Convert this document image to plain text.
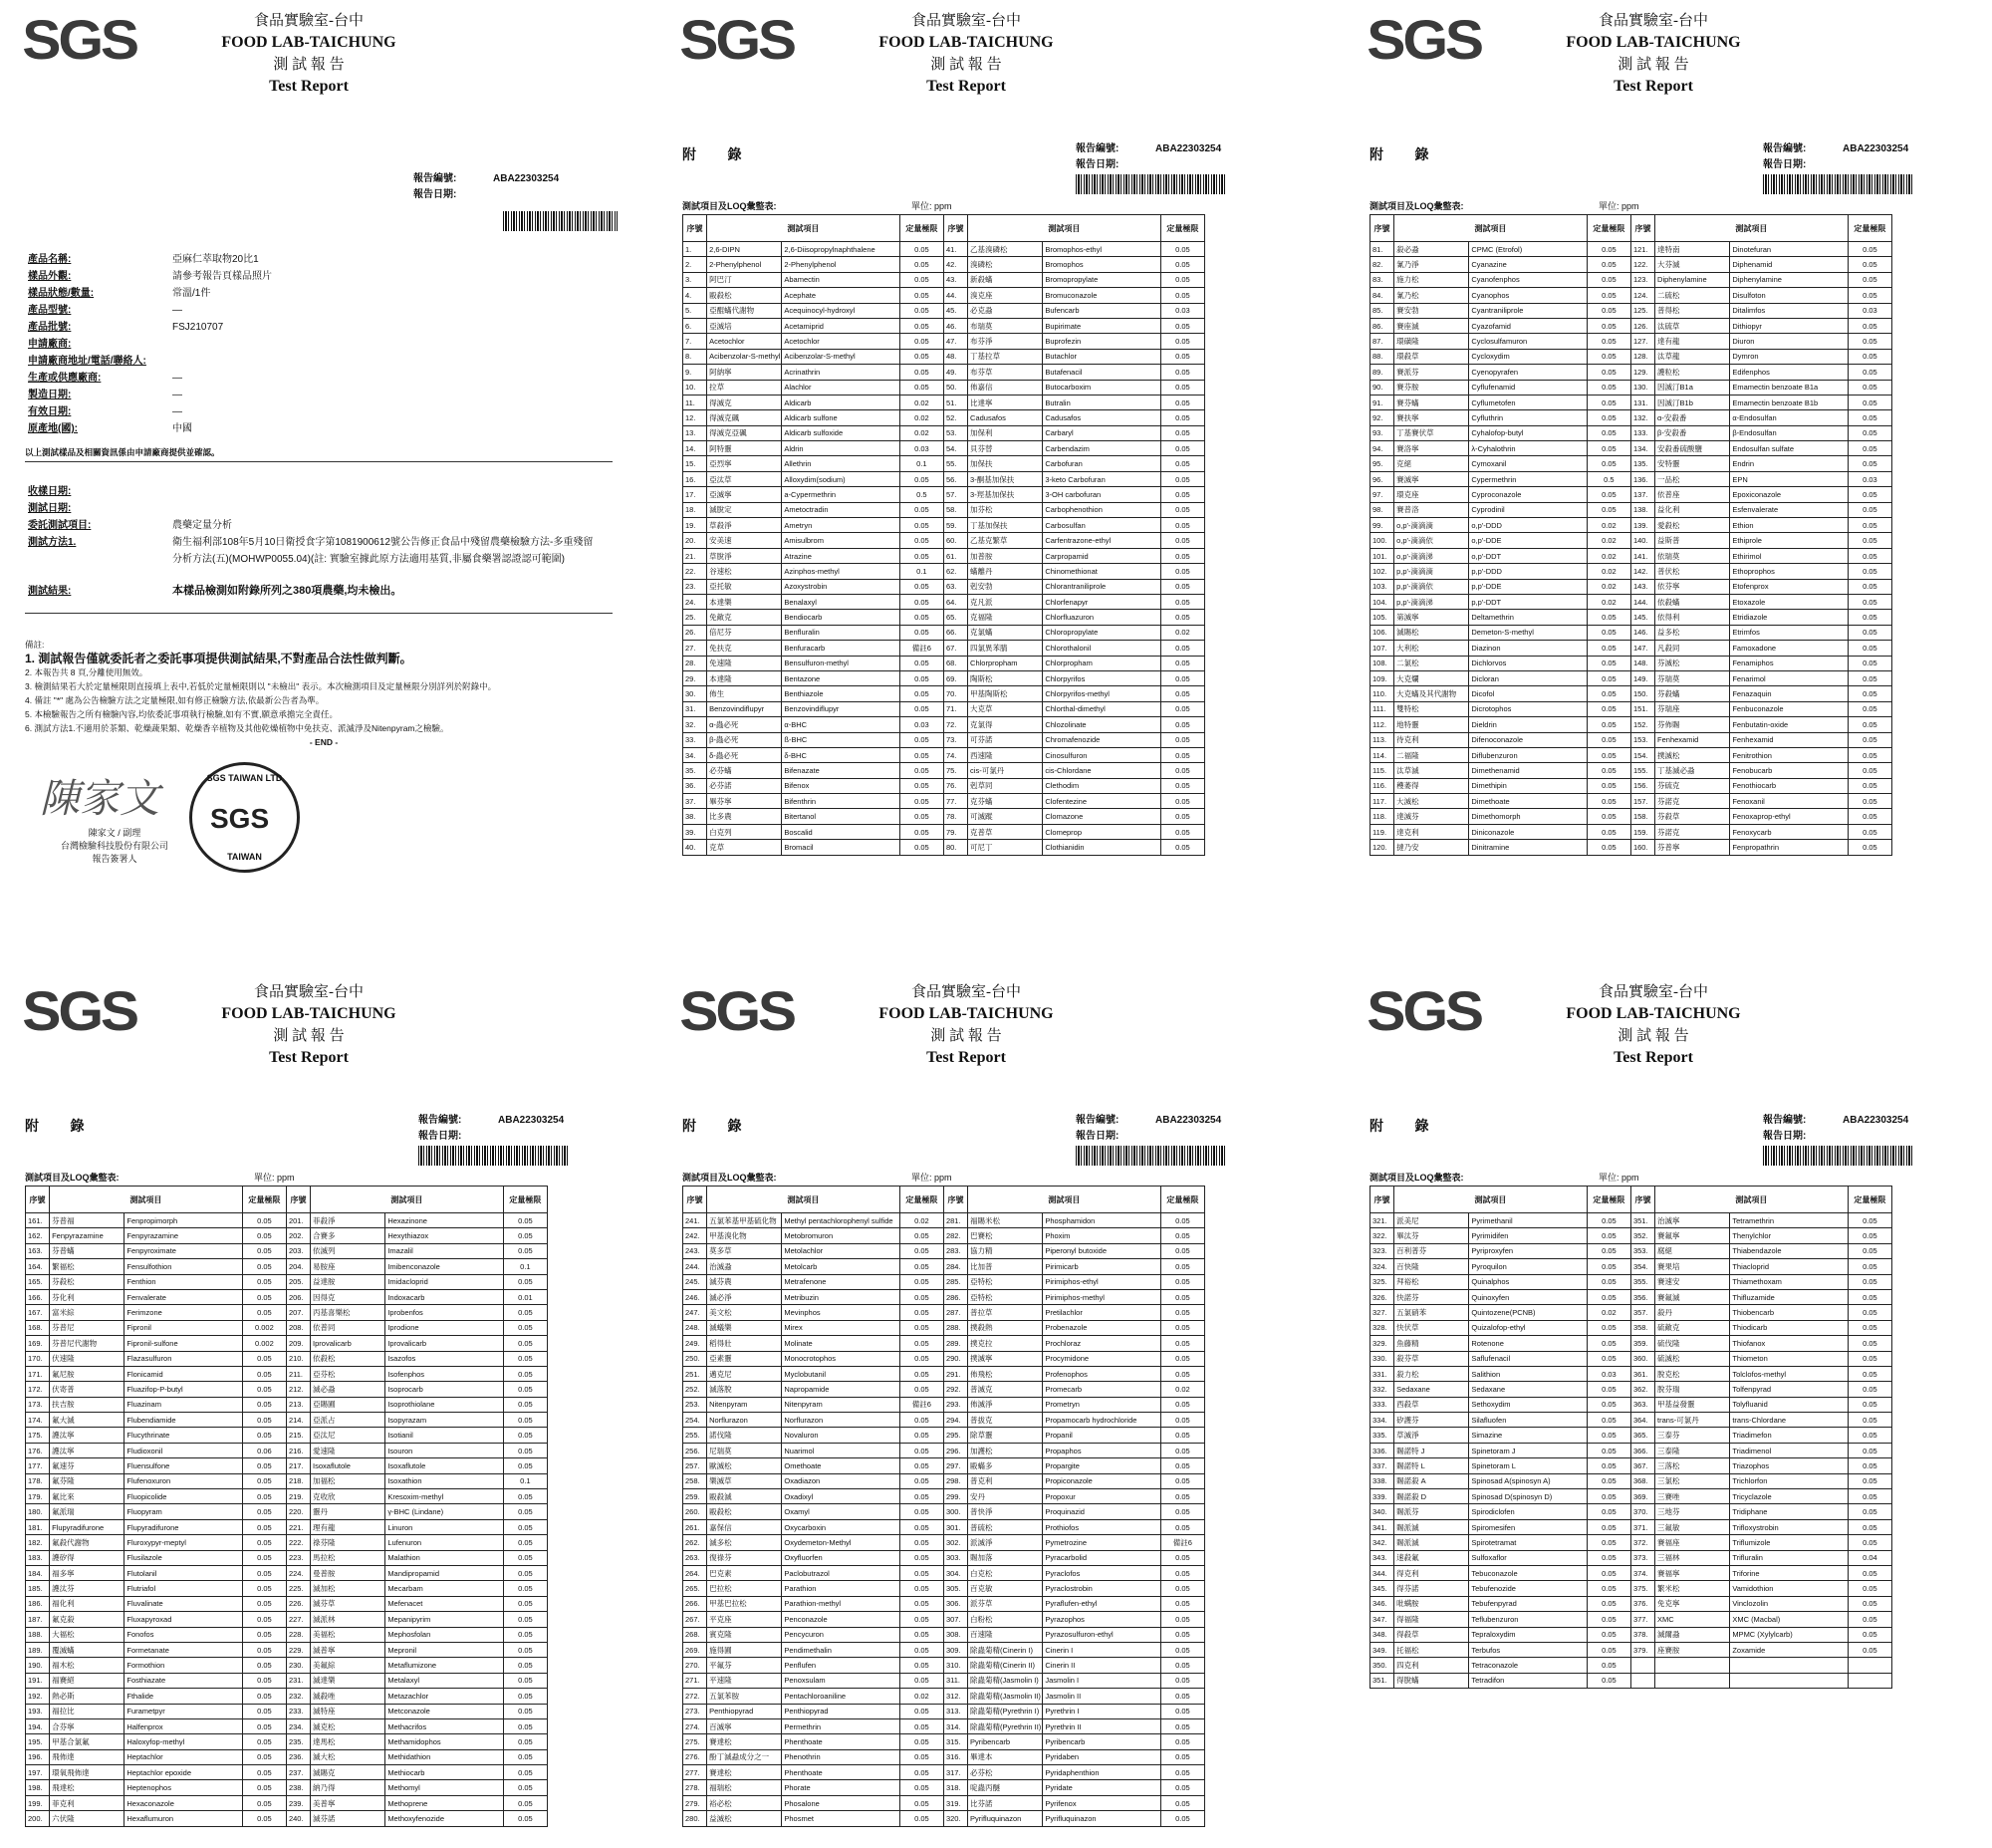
SGS	食品實驗室-台中
FOOD LAB-TAICHUNG
測 試 報 告
Test Report
報告編號:	ABA22303254
報告日期:
產品名稱:	亞麻仁萃取物20比1
樣品外觀:	請參考報告頁樣品照片
樣品狀態/數量:	常溫/1件
產品型號:	—
產品批號:	FSJ210707
申請廠商:
申請廠商地址/電話/聯絡人:
生產或供應廠商:	—
製造日期:	—
有效日期:	—
原產地(國):	中國
以上測試樣品及相關資訊係由申請廠商提供並確認。
收樣日期:
測試日期:
委託測試項目:	農藥定量分析
測試方法1.	衛生福利部108年5月10日衛授食字第1081900612號公告修正食品中殘留農藥檢驗方法-多重殘留
分析方法(五)(MOHWP0055.04)(註: 實驗室據此原方法適用基質,非屬食藥署認證認可範圍)
測試結果:	本樣品檢測如附錄所列之380項農藥,均未檢出。
備註:
1. 測試報告僅就委託者之委託事項提供測試結果,不對產品合法性做判斷。
2. 本報告共 8 頁,分離使用無效。
3. 檢測結果若大於定量極限則直接填上表中,若低於定量極限則以 "未檢出" 表示。本次檢測項目及定量極限分別詳列於附錄中。
4. 備註 "*" 處為公告檢驗方法之定量極限,如有修正檢驗方法,依最新公告者為準。
5. 本檢驗報告之所有檢驗內容,均依委託事項執行檢驗,如有不實,願意承擔完全責任。
6. 測試方法1.不適用於茶類、乾燥蔬果類、乾燥香辛植物及其他乾燥植物中免扶克、派滅淨及Nitenpyram之檢驗。
- END -
陳家文
陳家文 / 副理
台灣檢驗科技股份有限公司
報告簽署人
SGS TAIWAN LTD
SGS
TAIWAN
SGS	食品實驗室-台中
FOOD LAB-TAICHUNG
測 試 報 告
Test Report
附 錄	報告編號:	ABA22303254
報告日期:
測試項目及LOQ彙整表:	單位: ppm
序號	測試項目		定量極限	序號	測試項目		定量極限
1.	2,6-DIPN	2,6-Diisopropylnaphthalene	0.05	41.	乙基溴磷松	Bromophos-ethyl	0.05
2.	2-Phenylphenol	2-Phenylphenol	0.05	42.	溴磷松	Bromophos	0.05
3.	阿巴汀	Abamectin	0.05	43.	新殺蟎	Bromopropylate	0.05
4.	毆殺松	Acephate	0.05	44.	溴克座	Bromuconazole	0.05
5.	亞醌蟎代謝物	Acequinocyl-hydroxyl	0.05	45.	必克蝨	Bufencarb	0.03
6.	亞滅培	Acetamiprid	0.05	46.	布瑞莫	Bupirimate	0.05
7.	Acetochlor	Acetochlor	0.05	47.	布芬淨	Buprofezin	0.05
8.	Acibenzolar-S-methyl	Acibenzolar-S-methyl	0.05	48.	丁基拉草	Butachlor	0.05
9.	阿納寧	Acrinathrin	0.05	49.	布芬草	Butafenacil	0.05
10.	拉草	Alachlor	0.05	50.	佈嘉信	Butocarboxim	0.05
11.	得滅克	Aldicarb	0.02	51.	比達寧	Butralin	0.05
12.	得滅克碸	Aldicarb sulfone	0.02	52.	Cadusafos	Cadusafos	0.05
13.	得滅克亞碸	Aldicarb sulfoxide	0.02	53.	加保利	Carbaryl	0.05
14.	阿特靈	Aldrin	0.03	54.	貝芬替	Carbendazim	0.05
15.	亞烈寧	Allethrin	0.1	55.	加保扶	Carbofuran	0.05
16.	亞汰草	Alloxydim(sodium)	0.05	56.	3-酮基加保扶	3-keto Carbofuran	0.05
17.	亞滅寧	a-Cypermethrin	0.5	57.	3-羥基加保扶	3-OH carbofuran	0.05
18.	滅脫定	Ametoctradin	0.05	58.	加芬松	Carbophenothion	0.05
19.	草殺淨	Ametryn	0.05	59.	丁基加保扶	Carbosulfan	0.05
20.	安美速	Amisulbrom	0.05	60.	乙基克繁草	Carfentrazone-ethyl	0.05
21.	草脫淨	Atrazine	0.05	61.	加普胺	Carpropamid	0.05
22.	谷速松	Azinphos-methyl	0.1	62.	蟎離丹	Chinomethionat	0.05
23.	亞托敏	Azoxystrobin	0.05	63.	剋安勃	Chlorantraniliprole	0.05
24.	本達樂	Benalaxyl	0.05	64.	克凡派	Chlorfenapyr	0.05
25.	免敵克	Bendiocarb	0.05	65.	克福隆	Chlorfluazuron	0.05
26.	倍尼芬	Benfluralin	0.05	66.	克氯蟎	Chloropropylate	0.02
27.	免扶克	Benfuracarb	備註6	67.	四氯異苯腈	Chlorothalonil	0.05
28.	免速隆	Bensulfuron-methyl	0.05	68.	Chlorpropham	Chlorpropham	0.05
29.	本達隆	Bentazone	0.05	69.	陶斯松	Chlorpyrifos	0.05
30.	佈生	Benthiazole	0.05	70.	甲基陶斯松	Chlorpyrifos-methyl	0.05
31.	Benzovindiflupyr	Benzovindiflupyr	0.05	71.	大克草	Chlorthal-dimethyl	0.05
32.	α-蟲必死	α-BHC	0.03	72.	克氯得	Chlozolinate	0.05
33.	β-蟲必死	ß-BHC	0.05	73.	可芬諾	Chromafenozide	0.05
34.	δ-蟲必死	δ-BHC	0.05	74.	西速隆	Cinosulfuron	0.05
35.	必芬蟎	Bifenazate	0.05	75.	cis-可氯丹	cis-Chlordane	0.05
36.	必芬諾	Bifenox	0.05	76.	剋草同	Clethodim	0.05
37.	畢芬寧	Bifenthrin	0.05	77.	克芬蟎	Clofentezine	0.05
38.	比多農	Bitertanol	0.05	78.	可滅蹤	Clomazone	0.05
39.	白克列	Boscalid	0.05	79.	克普草	Clomeprop	0.05
40.	克草	Bromacil	0.05	80.	可尼丁	Clothianidin	0.05
SGS	食品實驗室-台中
FOOD LAB-TAICHUNG
測 試 報 告
Test Report
附 錄	報告編號:	ABA22303254
報告日期:
測試項目及LOQ彙整表:	單位: ppm
序號	測試項目		定量極限	序號	測試項目		定量極限
81.	殺必蝨	CPMC (Etrofol)	0.05	121.	達特南	Dinotefuran	0.05
82.	氰乃淨	Cyanazine	0.05	122.	大芬滅	Diphenamid	0.05
83.	施力松	Cyanofenphos	0.05	123.	Diphenylamine	Diphenylamine	0.05
84.	氰乃松	Cyanophos	0.05	124.	二硫松	Disulfoton	0.05
85.	賽安勃	Cyantraniliprole	0.05	125.	普得松	Ditalimfos	0.03
86.	賽座滅	Cyazofamid	0.05	126.	汰硫草	Dithiopyr	0.05
87.	環磺隆	Cyclosulfamuron	0.05	127.	達有龍	Diuron	0.05
88.	環殺草	Cycloxydim	0.05	128.	汰草龍	Dymron	0.05
89.	賽派芬	Cyenopyrafen	0.05	129.	護粒松	Edifenphos	0.05
90.	賽芬胺	Cyflufenamid	0.05	130.	因滅汀B1a	Emamectin benzoate B1a	0.05
91.	賽芬蟎	Cyflumetofen	0.05	131.	因滅汀B1b	Emamectin benzoate B1b	0.05
92.	賽扶寧	Cyfluthrin	0.05	132.	α-安殺番	α-Endosulfan	0.05
93.	丁基賽伏草	Cyhalofop-butyl	0.05	133.	β-安殺番	β-Endosulfan	0.05
94.	賽洛寧	λ-Cyhalothrin	0.05	134.	安殺番硫酸鹽	Endosulfan sulfate	0.05
95.	克絕	Cymoxanil	0.05	135.	安特靈	Endrin	0.05
96.	賽滅寧	Cypermethrin	0.5	136.	一品松	EPN	0.03
97.	環克座	Cyproconazole	0.05	137.	依普座	Epoxiconazole	0.05
98.	賽普洛	Cyprodinil	0.05	138.	益化利	Esfenvalerate	0.05
99.	o,p'-滴滴滴	o,p'-DDD	0.02	139.	愛殺松	Ethion	0.05
100.	o,p'-滴滴依	o,p'-DDE	0.02	140.	益斯普	Ethiprole	0.05
101.	o,p'-滴滴涕	o,p'-DDT	0.02	141.	依瑞莫	Ethirimol	0.05
102.	p,p'-滴滴滴	p,p'-DDD	0.02	142.	普伏松	Ethoprophos	0.05
103.	p,p'-滴滴依	p,p'-DDE	0.02	143.	依芬寧	Etofenprox	0.05
104.	p,p'-滴滴涕	p,p'-DDT	0.02	144.	依殺蟎	Etoxazole	0.05
105.	第滅寧	Deltamethrin	0.05	145.	依得利	Etridiazole	0.05
106.	滅賜松	Demeton-S-methyl	0.05	146.	益多松	Etrimfos	0.05
107.	大利松	Diazinon	0.05	147.	凡殺同	Famoxadone	0.05
108.	二氯松	Dichlorvos	0.05	148.	芬滅松	Fenamiphos	0.05
109.	大克爛	Dicloran	0.05	149.	芬瑞莫	Fenarimol	0.05
110.	大克蟎及其代謝物	Dicofol	0.05	150.	芬殺蟎	Fenazaquin	0.05
111.	雙特松	Dicrotophos	0.05	151.	芬瑞座	Fenbuconazole	0.05
112.	地特靈	Dieldrin	0.05	152.	芬佈賜	Fenbutatin-oxide	0.05
113.	待克利	Difenoconazole	0.05	153.	Fenhexamid	Fenhexamid	0.05
114.	二福隆	Diflubenzuron	0.05	154.	撲滅松	Fenitrothion	0.05
115.	汰草滅	Dimethenamid	0.05	155.	丁基滅必蝨	Fenobucarb	0.05
116.	穫萎得	Dimethipin	0.05	156.	芬硫克	Fenothiocarb	0.05
117.	大滅松	Dimethoate	0.05	157.	芬諾克	Fenoxanil	0.05
118.	達滅芬	Dimethomorph	0.05	158.	芬殺草	Fenoxaprop-ethyl	0.05
119.	達克利	Diniconazole	0.05	159.	芬諾克	Fenoxycarb	0.05
120.	撻乃安	Dinitramine	0.05	160.	芬普寧	Fenpropathrin	0.05
SGS	食品實驗室-台中
FOOD LAB-TAICHUNG
測 試 報 告
Test Report
附 錄	報告編號:	ABA22303254
報告日期:
測試項目及LOQ彙整表:	單位: ppm
序號	測試項目		定量極限	序號	測試項目		定量極限
161.	芬普福	Fenpropimorph	0.05	201.	菲殺淨	Hexazinone	0.05
162.	Fenpyrazamine	Fenpyrazamine	0.05	202.	合賽多	Hexythiazox	0.05
163.	芬普蟎	Fenpyroximate	0.05	203.	依滅列	Imazalil	0.05
164.	繁福松	Fensulfothion	0.05	204.	易胺座	Imibenconazole	0.1
165.	芬殺松	Fenthion	0.05	205.	益達胺	Imidacloprid	0.05
166.	芬化利	Fenvalerate	0.05	206.	因得克	Indoxacarb	0.01
167.	富米綜	Ferimzone	0.05	207.	丙基喜樂松	Iprobenfos	0.05
168.	芬普尼	Fipronil	0.002	208.	依普同	Iprodione	0.05
169.	芬普尼代謝物	Fipronil-sulfone	0.002	209.	Iprovalicarb	Iprovalicarb	0.05
170.	伏速隆	Flazasulfuron	0.05	210.	依殺松	Isazofos	0.05
171.	氟尼胺	Flonicamid	0.05	211.	亞芬松	Isofenphos	0.05
172.	伏寄普	Fluazifop-P-butyl	0.05	212.	滅必蝨	Isoprocarb	0.05
173.	扶吉胺	Fluazinam	0.05	213.	亞賜圃	Isoprothiolane	0.05
174.	氟大滅	Flubendiamide	0.05	214.	亞派占	Isopyrazam	0.05
175.	護汰寧	Flucythrinate	0.05	215.	亞汰尼	Isotianil	0.05
176.	護汰寧	Fludioxonil	0.06	216.	愛速隆	Isouron	0.05
177.	氟速芬	Fluensulfone	0.05	217.	Isoxaflutole	Isoxaflutole	0.05
178.	氟芬隆	Flufenoxuron	0.05	218.	加福松	Isoxathion	0.1
179.	氟比來	Fluopicolide	0.05	219.	克收欣	Kresoxim-methyl	0.05
180.	氟派瑞	Fluopyram	0.05	220.	靈丹	γ-BHC (Lindane)	0.05
181.	Flupyradifurone	Flupyradifurone	0.05	221.	理有龍	Linuron	0.05
182.	氟殺代謝物	Fluroxypyr-meptyl	0.05	222.	祿芬隆	Lufenuron	0.05
183.	護矽得	Flusilazole	0.05	223.	馬拉松	Malathion	0.05
184.	福多寧	Flutolanil	0.05	224.	曼普胺	Mandipropamid	0.05
185.	護汰芬	Flutriafol	0.05	225.	滅加松	Mecarbam	0.05
186.	福化利	Fluvalinate	0.05	226.	滅芬草	Mefenacet	0.05
187.	氟克殺	Fluxapyroxad	0.05	227.	滅派林	Mepanipyrim	0.05
188.	大福松	Fonofos	0.05	228.	美福松	Mephosfolan	0.05
189.	覆滅蟎	Formetanate	0.05	229.	滅普寧	Mepronil	0.05
190.	福木松	Formothion	0.05	230.	美氟綜	Metaflumizone	0.05
191.	福賽絕	Fosthiazate	0.05	231.	滅達樂	Metalaxyl	0.05
192.	熱必斯	Fthalide	0.05	232.	滅殺唑	Metazachlor	0.05
193.	福拉比	Furametpyr	0.05	233.	滅特座	Metconazole	0.05
194.	合芬寧	Halfenprox	0.05	234.	滅克松	Methacrifos	0.05
195.	甲基合氯氟	Haloxyfop-methyl	0.05	235.	達馬松	Methamidophos	0.05
196.	飛佈達	Heptachlor	0.05	236.	滅大松	Methidathion	0.05
197.	環氧飛佈達	Heptachlor epoxide	0.05	237.	滅賜克	Methiocarb	0.05
198.	飛達松	Heptenophos	0.05	238.	納乃得	Methomyl	0.05
199.	菲克利	Hexaconazole	0.05	239.	美普寧	Methoprene	0.05
200.	六伏隆	Hexaflumuron	0.05	240.	滅芬諾	Methoxyfenozide	0.05
SGS	食品實驗室-台中
FOOD LAB-TAICHUNG
測 試 報 告
Test Report
附 錄	報告編號:	ABA22303254
報告日期:
測試項目及LOQ彙整表:	單位: ppm
序號	測試項目		定量極限	序號	測試項目		定量極限
241.	五氯苯基甲基硫化物	Methyl pentachlorophenyl sulfide	0.02	281.	福賜米松	Phosphamidon	0.05
242.	甲基溴化物	Metobromuron	0.05	282.	巴賽松	Phoxim	0.05
243.	莫多草	Metolachlor	0.05	283.	協力精	Piperonyl butoxide	0.05
244.	治滅蝨	Metolcarb	0.05	284.	比加普	Pirimicarb	0.05
245.	滅芬農	Metrafenone	0.05	285.	亞特松	Pirimiphos-ethyl	0.05
246.	滅必淨	Metribuzin	0.05	286.	亞特松	Pirimiphos-methyl	0.05
247.	美文松	Mevinphos	0.05	287.	普拉草	Pretilachlor	0.05
248.	滅蟻樂	Mirex	0.05	288.	撲殺熱	Probenazole	0.05
249.	稻得壯	Molinate	0.05	289.	撲克拉	Prochloraz	0.05
250.	亞素靈	Monocrotophos	0.05	290.	撲滅寧	Procymidone	0.05
251.	邁克尼	Myclobutanil	0.05	291.	佈飛松	Profenophos	0.05
252.	滅落脫	Napropamide	0.05	292.	普滅克	Promecarb	0.02
253.	Nitenpyram	Nitenpyram	備註6	293.	佈滅淨	Prometryn	0.05
254.	Norflurazon	Norflurazon	0.05	294.	普拔克	Propamocarb hydrochloride	0.05
255.	諾伐隆	Novaluron	0.05	295.	除草靈	Propanil	0.05
256.	尼瑞莫	Nuarimol	0.05	296.	加護松	Propaphos	0.05
257.	歐滅松	Omethoate	0.05	297.	毆蟎多	Propargite	0.05
258.	樂滅草	Oxadiazon	0.05	298.	普克利	Propiconazole	0.05
259.	毆殺滅	Oxadixyl	0.05	299.	安丹	Propoxur	0.05
260.	毆殺松	Oxamyl	0.05	300.	普快淨	Proquinazid	0.05
261.	嘉保信	Oxycarboxin	0.05	301.	普硫松	Prothiofos	0.05
262.	滅多松	Oxydemeton-Methyl	0.05	302.	派滅淨	Pymetrozine	備註6
263.	復祿芬	Oxyfluorfen	0.05	303.	賜加落	Pyracarbolid	0.05
264.	巴克素	Paclobutrazol	0.05	304.	白克松	Pyraclofos	0.05
265.	巴拉松	Parathion	0.05	305.	百克敏	Pyraclostrobin	0.05
266.	甲基巴拉松	Parathion-methyl	0.05	306.	派芬草	Pyraflufen-ethyl	0.05
267.	平克座	Penconazole	0.05	307.	白粉松	Pyrazophos	0.05
268.	賓克隆	Pencycuron	0.05	308.	百速隆	Pyrazosulfuron-ethyl	0.05
269.	施得圃	Pendimethalin	0.05	309.	除蟲菊精(Cinerin I)	Cinerin I	0.05
270.	平氟芬	Penflufen	0.05	310.	除蟲菊精(Cinerin II)	Cinerin II	0.05
271.	平速隆	Penoxsulam	0.05	311.	除蟲菊精(Jasmolin I)	Jasmolin I	0.05
272.	五氯苯胺	Pentachloroaniline	0.02	312.	除蟲菊精(Jasmolin II)	Jasmolin II	0.05
273.	Penthiopyrad	Penthiopyrad	0.05	313.	除蟲菊精(Pyrethrin I)	Pyrethrin I	0.05
274.	百滅寧	Permethrin	0.05	314.	除蟲菊精(Pyrethrin II)	Pyrethrin II	0.05
275.	賽達松	Phenthoate	0.05	315.	Pyribencarb	Pyribencarb	0.05
276.	酚丁滅蝨成分之一	Phenothrin	0.05	316.	畢達本	Pyridaben	0.05
277.	賽達松	Phenthoate	0.05	317.	必芬松	Pyridaphenthion	0.05
278.	福瑞松	Phorate	0.05	318.	啶蟲丙醚	Pyridate	0.05
279.	裕必松	Phosalone	0.05	319.	比芬諾	Pyrifenox	0.05
280.	益滅松	Phosmet	0.05	320.	Pyrifluquinazon	Pyrifluquinazon	0.05
SGS	食品實驗室-台中
FOOD LAB-TAICHUNG
測 試 報 告
Test Report
附 錄	報告編號:	ABA22303254
報告日期:
測試項目及LOQ彙整表:	單位: ppm
序號	測試項目		定量極限	序號	測試項目		定量極限
321.	派美尼	Pyrimethanil	0.05	351.	治滅寧	Tetramethrin	0.05
322.	畢汰芬	Pyrimidifen	0.05	352.	賽氟寧	Thenylchlor	0.05
323.	百利普芬	Pyriproxyfen	0.05	353.	腐絕	Thiabendazole	0.05
324.	百快隆	Pyroquilon	0.05	354.	賽果培	Thiacloprid	0.05
325.	拜裕松	Quinalphos	0.05	355.	賽速安	Thiamethoxam	0.05
326.	快諾芬	Quinoxyfen	0.05	356.	賽氟滅	Thifluzamide	0.05
327.	五氯硝苯	Quintozene(PCNB)	0.02	357.	殺丹	Thiobencarb	0.05
328.	快伏草	Quizalofop-ethyl	0.05	358.	硫敵克	Thiodicarb	0.05
329.	魚藤精	Rotenone	0.05	359.	硫伐隆	Thiofanox	0.05
330.	殺芬草	Saflufenacil	0.05	360.	硫滅松	Thiometon	0.05
331.	殺力松	Salithion	0.03	361.	脫克松	Tolclofos-methyl	0.05
332.	Sedaxane	Sedaxane	0.05	362.	脫芬瑞	Tolfenpyrad	0.05
333.	西殺草	Sethoxydim	0.05	363.	甲基益發靈	Tolyfluanid	0.05
334.	矽護芬	Silafluofen	0.05	364.	trans-可氯丹	trans-Chlordane	0.05
335.	草滅淨	Simazine	0.05	365.	三泰芬	Triadimefon	0.05
336.	賜諾特 J	Spinetoram J	0.05	366.	三泰隆	Triadimenol	0.05
337.	賜諾特 L	Spinetoram L	0.05	367.	三落松	Triazophos	0.05
338.	賜諾殺 A	Spinosad A(spinosyn A)	0.05	368.	三氯松	Trichlorfon	0.05
339.	賜諾殺 D	Spinosad D(spinosyn D)	0.05	369.	三賽唑	Tricyclazole	0.05
340.	賜派芬	Spirodiclofen	0.05	370.	三地芬	Tridiphane	0.05
341.	賜派滅	Spiromesifen	0.05	371.	三氟敏	Trifloxystrobin	0.05
342.	賜派滅	Spirotetramat	0.05	372.	賽福座	Triflumizole	0.05
343.	速殺氟	Sulfoxaflor	0.05	373.	三福林	Trifluralin	0.04
344.	得克利	Tebuconazole	0.05	374.	賽福寧	Triforine	0.05
345.	得芬諾	Tebufenozide	0.05	375.	繁米松	Vamidothion	0.05
346.	吡螨胺	Tebufenpyrad	0.05	376.	免克寧	Vinclozolin	0.05
347.	得福隆	Teflubenzuron	0.05	377.	XMC	XMC (Macbal)	0.05
348.	得殺草	Tepraloxydim	0.05	378.	滅爾蝨	MPMC (Xylylcarb)	0.05
349.	托福松	Terbufos	0.05	379.	座賽胺	Zoxamide	0.05
350.	四克利	Tetraconazole	0.05				
351.	得脫蟎	Tetradifon	0.05				
